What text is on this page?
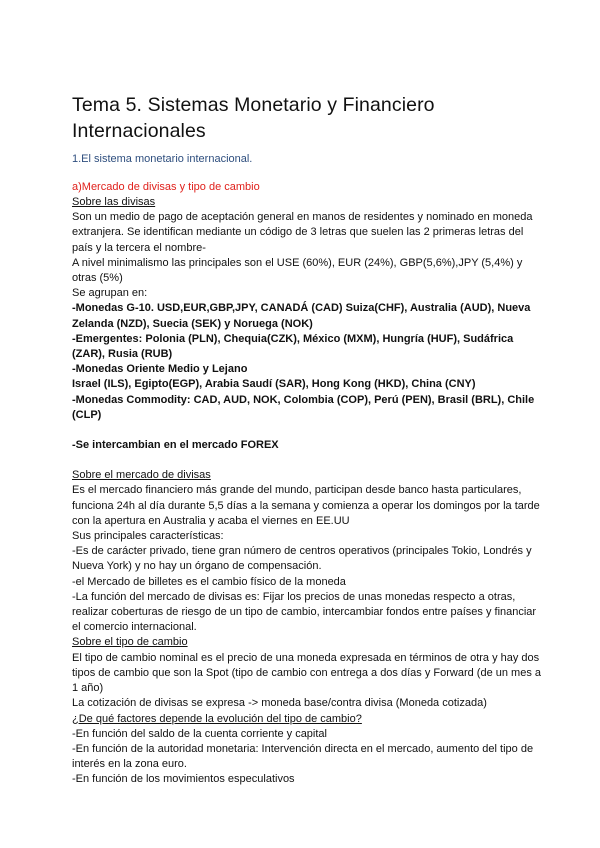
Tema 5. Sistemas Monetario y Financiero Internacionales

1.El sistema monetario internacional.

a)Mercado de divisas y tipo de cambio

Sobre las divisas

Son un medio de pago de aceptación general en manos de residentes y nominado en moneda extranjera. Se identifican mediante un código de 3 letras que suelen las 2 primeras letras del país y la tercera el nombre-

A nivel minimalismo las principales son el USE (60%), EUR (24%), GBP(5,6%),JPY (5,4%) y otras (5%)

Se agrupan en:

-Monedas G-10. USD,EUR,GBP,JPY, CANADÁ (CAD) Suiza(CHF), Australia (AUD), Nueva Zelanda (NZD), Suecia (SEK) y Noruega (NOK)

-Emergentes: Polonia (PLN), Chequia(CZK), México (MXM), Hungría (HUF), Sudáfrica (ZAR), Rusia (RUB)

-Monedas Oriente Medio y Lejano

Israel (ILS), Egipto(EGP), Arabia Saudí (SAR), Hong Kong (HKD), China (CNY)

-Monedas Commodity: CAD, AUD, NOK, Colombia (COP), Perú (PEN), Brasil (BRL), Chile (CLP)

-Se intercambian en el mercado FOREX

Sobre el mercado de divisas

Es el mercado financiero más grande del mundo, participan desde banco hasta particulares, funciona 24h al día durante 5,5 días a la semana y comienza a operar los domingos por la tarde con la apertura en Australia y acaba el viernes en EE.UU

Sus principales características:

-Es de carácter privado, tiene gran número de centros operativos (principales Tokio, Londrés y Nueva York) y no hay un órgano de compensación.

-el Mercado de billetes es el cambio físico de la moneda

-La función del mercado de divisas es: Fijar los precios de unas monedas respecto a otras, realizar coberturas de riesgo de un tipo de cambio, intercambiar fondos entre países y financiar el comercio internacional.

Sobre el tipo de cambio

El tipo de cambio nominal es el precio de una moneda expresada en términos de otra y hay dos tipos de cambio que son la Spot (tipo de cambio con entrega a dos días y Forward (de un mes a 1 año)

La cotización de divisas se expresa -> moneda base/contra divisa (Moneda cotizada)

¿De qué factores depende la evolución del tipo de cambio?

-En función del saldo de la cuenta corriente y capital

-En función de la autoridad monetaria: Intervención directa en el mercado, aumento del tipo de interés en la zona euro.

-En función de los movimientos especulativos
